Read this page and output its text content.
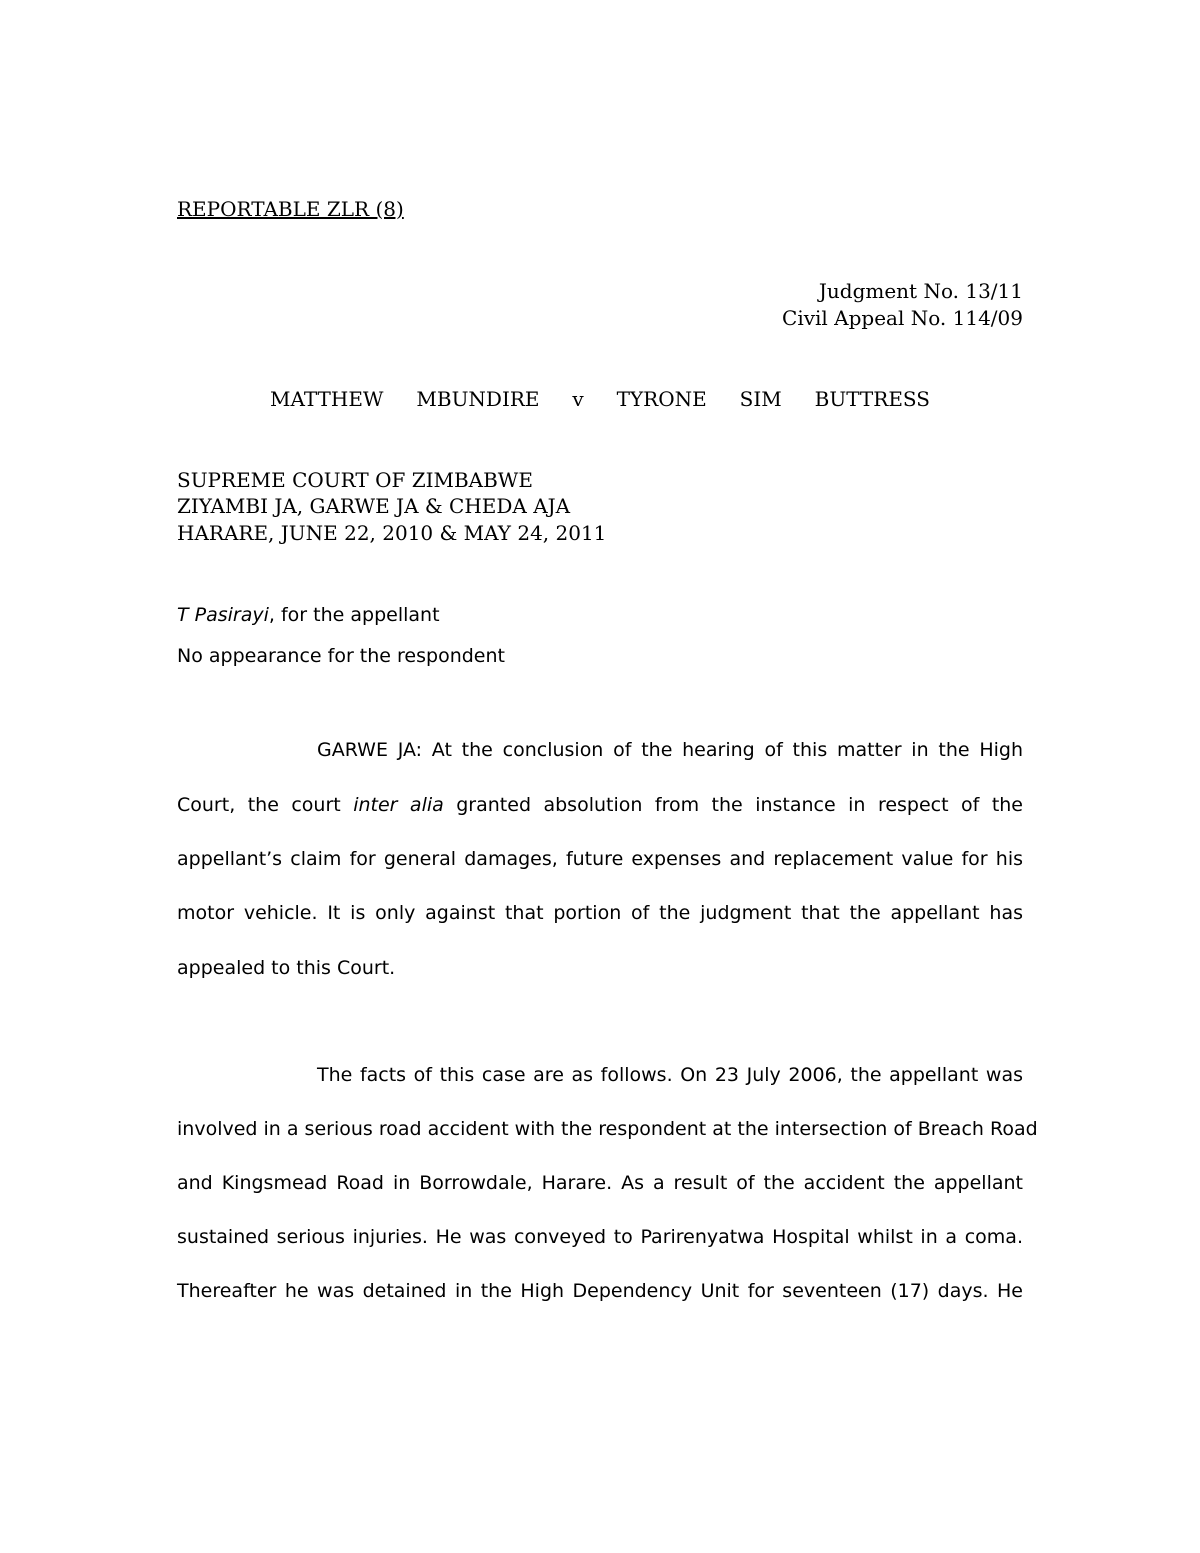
REPORTABLE ZLR (8)
Judgment No. 13/11
Civil Appeal No. 114/09
MATTHEW MBUNDIRE v TYRONE SIM BUTTRESS
SUPREME COURT OF ZIMBABWE
ZIYAMBI JA, GARWE JA & CHEDA AJA
HARARE, JUNE 22, 2010 & MAY 24, 2011
T Pasirayi, for the appellant
No appearance for the respondent
GARWE JA: At the conclusion of the hearing of this matter in the High
Court, the court inter alia granted absolution from the instance in respect of the
appellant’s claim for general damages, future expenses and replacement value for his
motor vehicle. It is only against that portion of the judgment that the appellant has
appealed to this Court.
The facts of this case are as follows. On 23 July 2006, the appellant was
involved in a serious road accident with the respondent at the intersection of Breach Road
and Kingsmead Road in Borrowdale, Harare. As a result of the accident the appellant
sustained serious injuries. He was conveyed to Parirenyatwa Hospital whilst in a coma.
Thereafter he was detained in the High Dependency Unit for seventeen (17) days. He
